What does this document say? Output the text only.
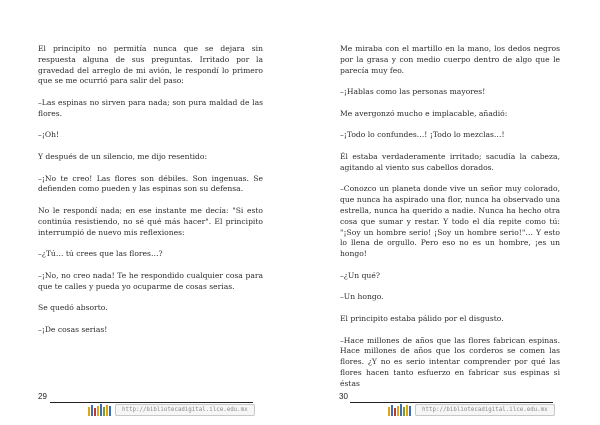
El principito no permitía nunca que se dejara sin respuesta alguna de sus preguntas. Irritado por la gravedad del arreglo de mi avión, le respondí lo primero que se me ocurrió para salir del paso:

–Las espinas no sirven para nada; son pura maldad de las flores.

–¡Oh!

Y después de un silencio, me dijo resentido:

–¡No te creo! Las flores son débiles. Son ingenuas. Se defienden como pueden y las espinas son su defensa.

No le respondí nada; en ese instante me decía: "Si esto continúa resistiendo, no sé qué más hacer". El principito interrumpió de nuevo mis reflexiones:

–¿Tú… tú crees que las flores…?

–¡No, no creo nada! Te he respondido cualquier cosa para que te calles y pueda yo ocuparme de cosas serias.

Se quedó absorto.

–¡De cosas serias!

29
http://bibliotecadigital.ilce.edu.mx

Me miraba con el martillo en la mano, los dedos negros por la grasa y con medio cuerpo dentro de algo que le parecía muy feo.

–¡Hablas como las personas mayores!

Me avergonzó mucho e implacable, añadió:

–¡Todo lo confundes…! ¡Todo lo mezclas…!

Él estaba verdaderamente irritado; sacudía la cabeza, agitando al viento sus cabellos dorados.

–Conozco un planeta donde vive un señor muy colorado, que nunca ha aspirado una flor, nunca ha observado una estrella, nunca ha querido a nadie. Nunca ha hecho otra cosa que sumar y restar. Y todo el día repite como tú: "¡Soy un hombre serio! ¡Soy un hombre serio!"… Y esto lo llena de orgullo. Pero eso no es un hombre, ¡es un hongo!

–¿Un qué?

–Un hongo.

El principito estaba pálido por el disgusto.

–Hace millones de años que las flores fabrican espinas. Hace millones de años que los corderos se comen las flores. ¿Y no es serio intentar comprender por qué las flores hacen tanto esfuerzo en fabricar sus espinas si éstas

30
http://bibliotecadigital.ilce.edu.mx
